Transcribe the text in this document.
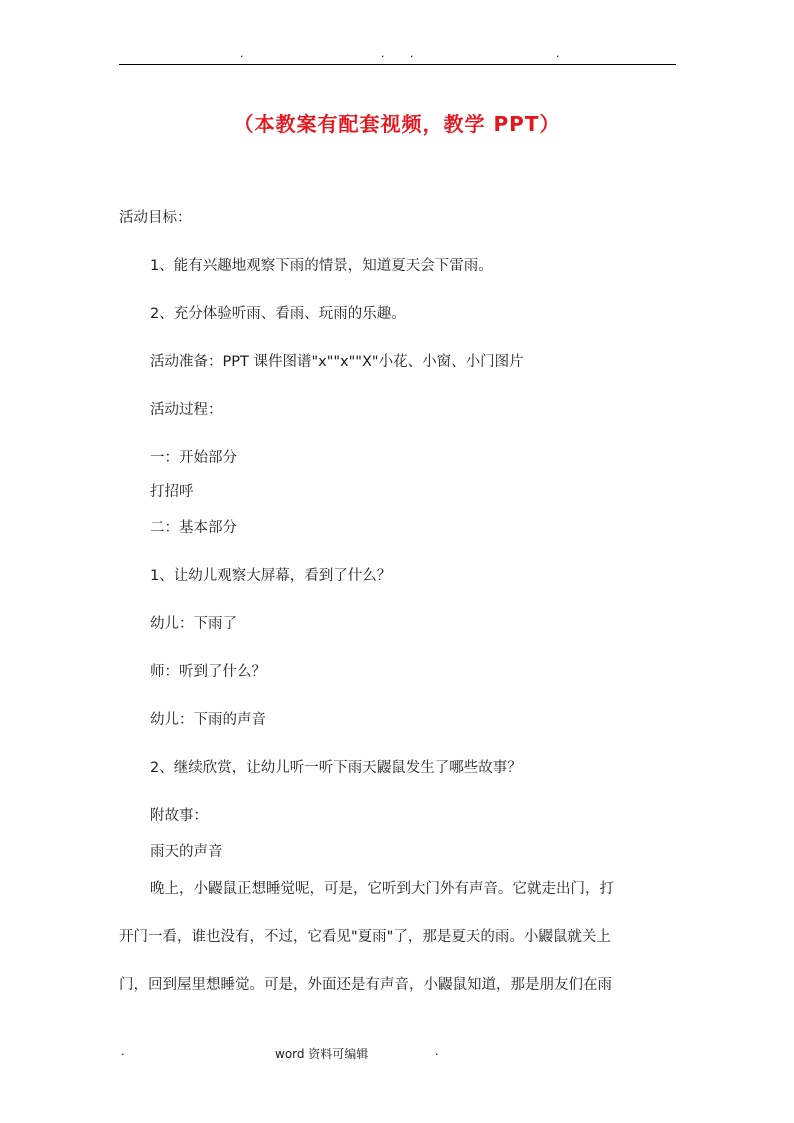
.	. .	.
（本教案有配套视频，教学 PPT）
活动目标：
1、能有兴趣地观察下雨的情景，知道夏天会下雷雨。
2、充分体验听雨、看雨、玩雨的乐趣。
活动准备：PPT 课件图谱"x""x""X"小花、小窗、小门图片
活动过程：
一：开始部分
打招呼
二：基本部分
1、让幼儿观察大屏幕，看到了什么？
幼儿：下雨了
师：听到了什么？
幼儿：下雨的声音
2、继续欣赏，让幼儿听一听下雨天鼹鼠发生了哪些故事？
附故事：
雨天的声音
晚上，小鼹鼠正想睡觉呢，可是，它听到大门外有声音。它就走出门，打
开门一看，谁也没有，不过，它看见"夏雨"了，那是夏天的雨。小鼹鼠就关上
门，回到屋里想睡觉。可是，外面还是有声音，小鼹鼠知道，那是朋友们在雨
.	word 资料可编辑	.
